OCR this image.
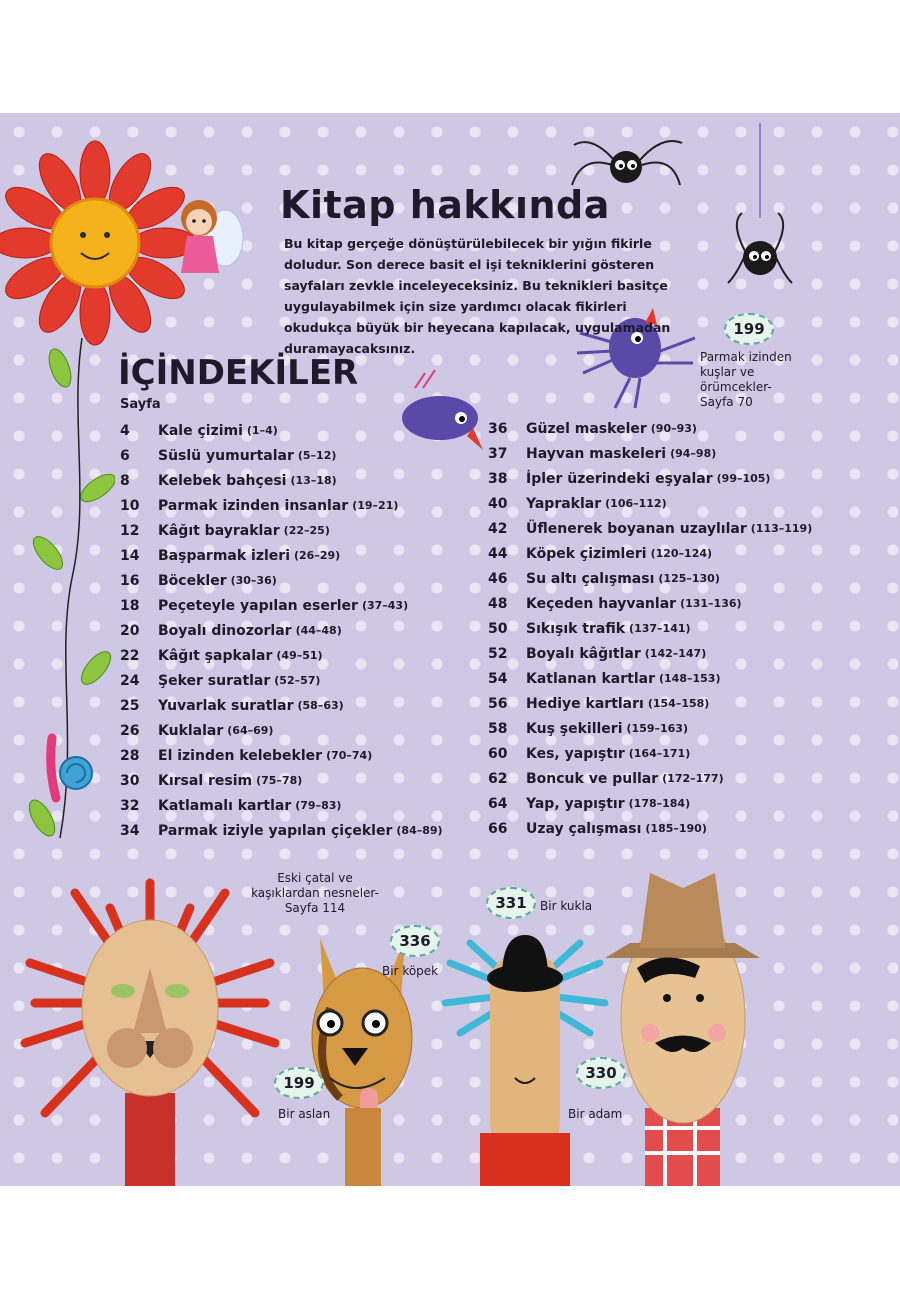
Kitap hakkında

Bu kitap gerçeğe dönüştürülebilecek bir yığın fikirle doludur. Son derece basit el işi tekniklerini gösteren sayfaları zevkle inceleyeceksiniz. Bu teknikleri basitçe uygulayabilmek için size yardımcı olacak fikirleri okudukça büyük bir heyecana kapılacak, uygulamadan duramayacaksınız.

199
Parmak izinden
kuşlar ve
örümcekler-
Sayfa 70
İÇİNDEKİLER
Sayfa
4	Kale çizimi (1–4)
6	Süslü yumurtalar (5–12)
8	Kelebek bahçesi (13–18)
10	Parmak izinden insanlar (19–21)
12	Kâğıt bayraklar (22–25)
14	Başparmak izleri (26–29)
16	Böcekler (30–36)
18	Peçeteyle yapılan eserler (37–43)
20	Boyalı dinozorlar (44–48)
22	Kâğıt şapkalar (49–51)
24	Şeker suratlar (52–57)
25	Yuvarlak suratlar (58–63)
26	Kuklalar (64–69)
28	El izinden kelebekler (70–74)
30	Kırsal resim (75–78)
32	Katlamalı kartlar (79–83)
34	Parmak iziyle yapılan çiçekler (84–89)
36	Güzel maskeler (90–93)
37	Hayvan maskeleri (94–98)
38	İpler üzerindeki eşyalar (99–105)
40	Yapraklar (106–112)
42	Üflenerek boyanan uzaylılar (113–119)
44	Köpek çizimleri (120–124)
46	Su altı çalışması (125–130)
48	Keçeden hayvanlar (131–136)
50	Sıkışık trafik (137–141)
52	Boyalı kâğıtlar (142–147)
54	Katlanan kartlar (148–153)
56	Hediye kartları (154–158)
58	Kuş şekilleri (159–163)
60	Kes, yapıştır (164–171)
62	Boncuk ve pullar (172–177)
64	Yap, yapıştır (178–184)
66	Uzay çalışması (185–190)
Eski çatal ve
kaşıklardan nesneler-
Sayfa 114
336
Bir köpek
331	Bir kukla
199
Bir aslan
330
Bir adam
